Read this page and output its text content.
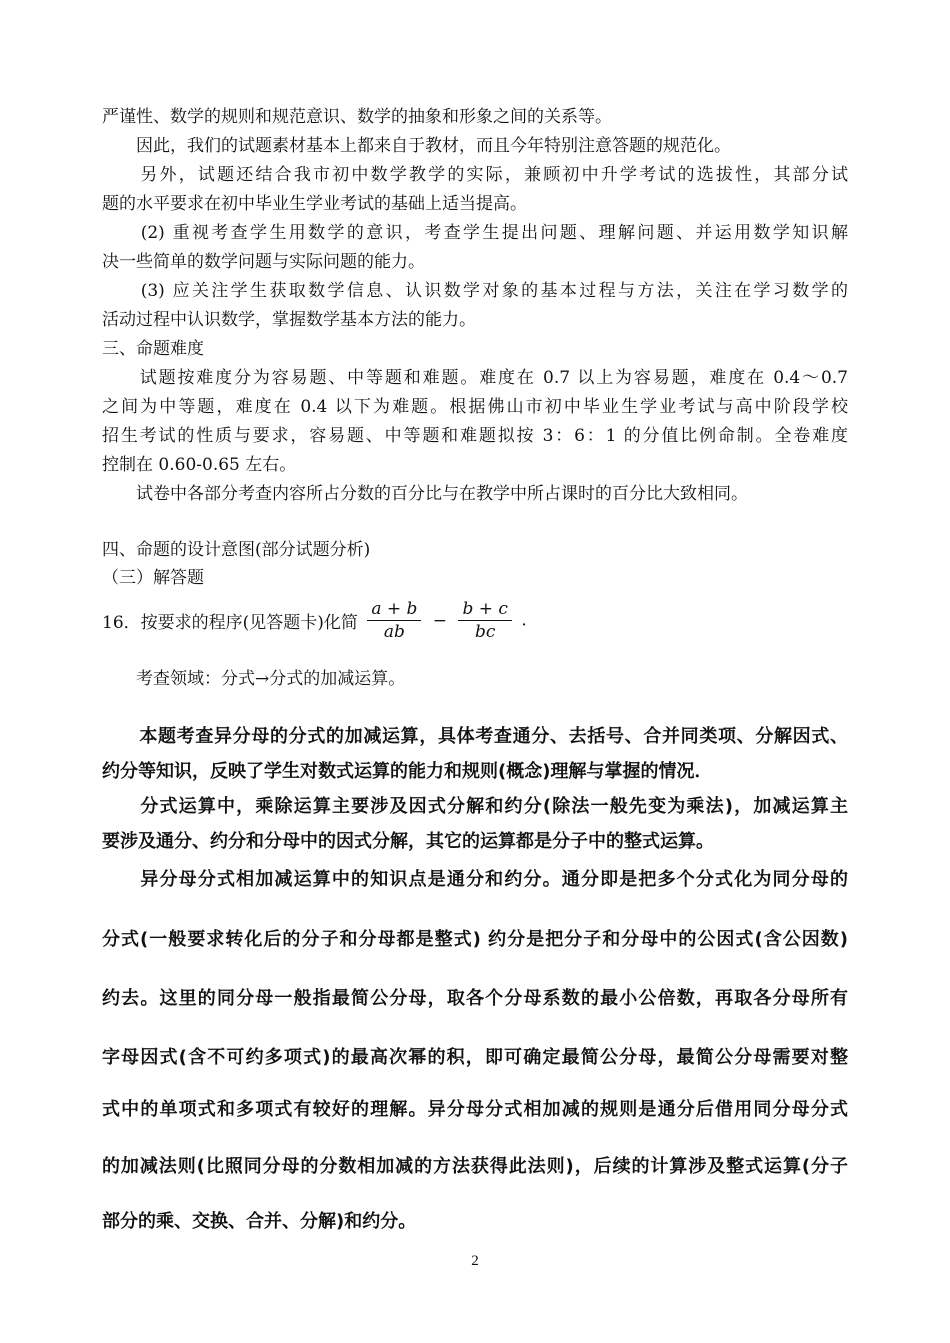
严谨性、数学的规则和规范意识、数学的抽象和形象之间的关系等。
　　因此，我们的试题素材基本上都来自于教材，而且今年特别注意答题的规范化。
　　另外，试题还结合我市初中数学教学的实际，兼顾初中升学考试的选拔性，其部分试
题的水平要求在初中毕业生学业考试的基础上适当提高。
　　(2) 重视考查学生用数学的意识，考查学生提出问题、理解问题、并运用数学知识解
决一些简单的数学问题与实际问题的能力。
　　(3) 应关注学生获取数学信息、认识数学对象的基本过程与方法，关注在学习数学的
活动过程中认识数学，掌握数学基本方法的能力。
三、命题难度
　　试题按难度分为容易题、中等题和难题。难度在 0.7 以上为容易题，难度在 0.4～0.7
之间为中等题，难度在 0.4 以下为难题。根据佛山市初中毕业生学业考试与高中阶段学校
招生考试的性质与要求，容易题、中等题和难题拟按 3：6：1 的分值比例命制。全卷难度
控制在 0.60-0.65 左右。
　　试卷中各部分考查内容所占分数的百分比与在教学中所占课时的百分比大致相同。
四、命题的设计意图(部分试题分析)
（三）解答题
16．按要求的程序(见答题卡)化简 $\frac{a + b}{ab} - \frac{b + c}{bc}$ .
　　考查领域：分式→分式的加减运算。
　　本题考查异分母的分式的加减运算，具体考查通分、去括号、合并同类项、分解因式、
约分等知识，反映了学生对数式运算的能力和规则(概念)理解与掌握的情况．
　　分式运算中，乘除运算主要涉及因式分解和约分(除法一般先变为乘法)，加减运算主
要涉及通分、约分和分母中的因式分解，其它的运算都是分子中的整式运算。
　　异分母分式相加减运算中的知识点是通分和约分。通分即是把多个分式化为同分母的
分式(一般要求转化后的分子和分母都是整式) 约分是把分子和分母中的公因式(含公因数)
约去。这里的同分母一般指最简公分母，取各个分母系数的最小公倍数，再取各分母所有
字母因式(含不可约多项式)的最高次幂的积，即可确定最简公分母，最简公分母需要对整
式中的单项式和多项式有较好的理解。异分母分式相加减的规则是通分后借用同分母分式
的加减法则(比照同分母的分数相加减的方法获得此法则)，后续的计算涉及整式运算(分子
部分的乘、交换、合并、分解)和约分。
2
